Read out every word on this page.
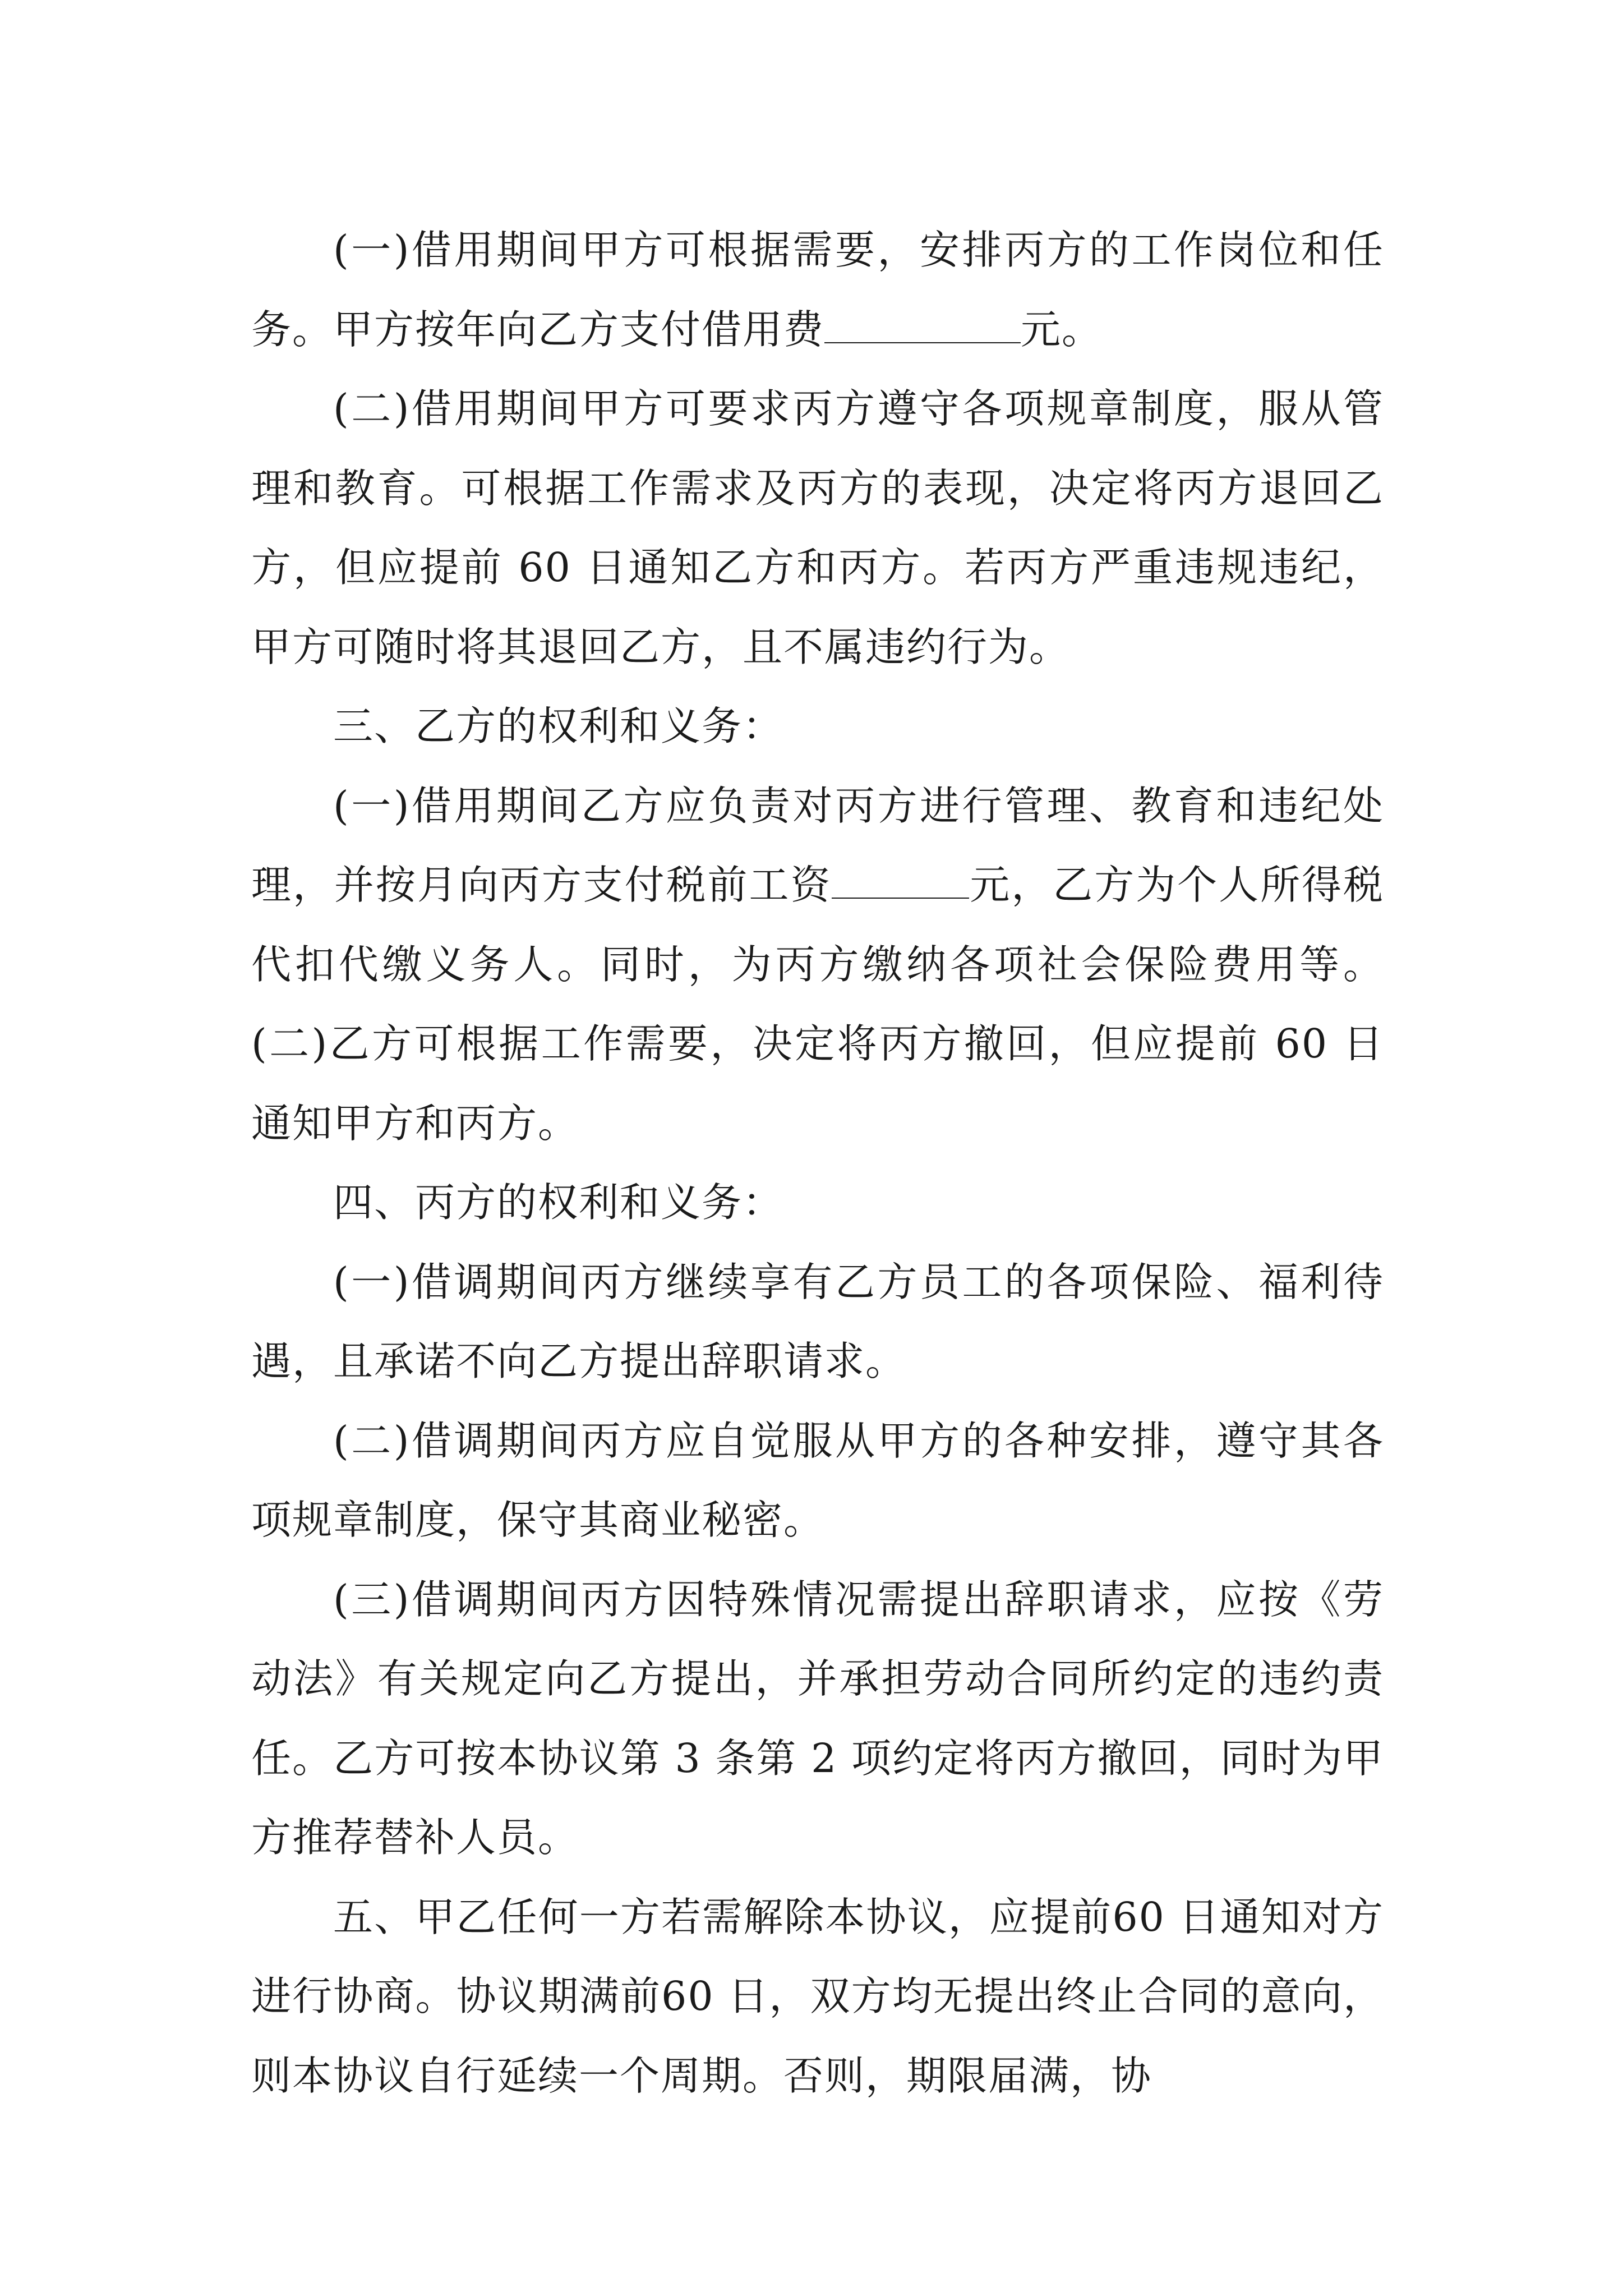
(一)借用期间甲方可根据需要，安排丙方的工作岗位和任务。甲方按年向乙方支付借用费	元。

(二)借用期间甲方可要求丙方遵守各项规章制度，服从管理和教育。可根据工作需求及丙方的表现，决定将丙方退回乙方，但应提前 60 日通知乙方和丙方。若丙方严重违规违纪，甲方可随时将其退回乙方，且不属违约行为。

三、乙方的权利和义务：

(一)借用期间乙方应负责对丙方进行管理、教育和违纪处理，并按月向丙方支付税前工资	元，乙方为个人所得税代扣代缴义务人。同时，为丙方缴纳各项社会保险费用等。 (二)乙方可根据工作需要，决定将丙方撤回，但应提前 60 日通知甲方和丙方。

四、丙方的权利和义务：

(一)借调期间丙方继续享有乙方员工的各项保险、福利待遇，且承诺不向乙方提出辞职请求。

(二)借调期间丙方应自觉服从甲方的各种安排，遵守其各项规章制度，保守其商业秘密。

(三)借调期间丙方因特殊情况需提出辞职请求，应按《劳动法》有关规定向乙方提出，并承担劳动合同所约定的违约责任。乙方可按本协议第 3 条第 2 项约定将丙方撤回，同时为甲方推荐替补人员。

五、甲乙任何一方若需解除本协议，应提前60 日通知对方进行协商。协议期满前60 日，双方均无提出终止合同的意向，则本协议自行延续一个周期。否则，期限届满，协
